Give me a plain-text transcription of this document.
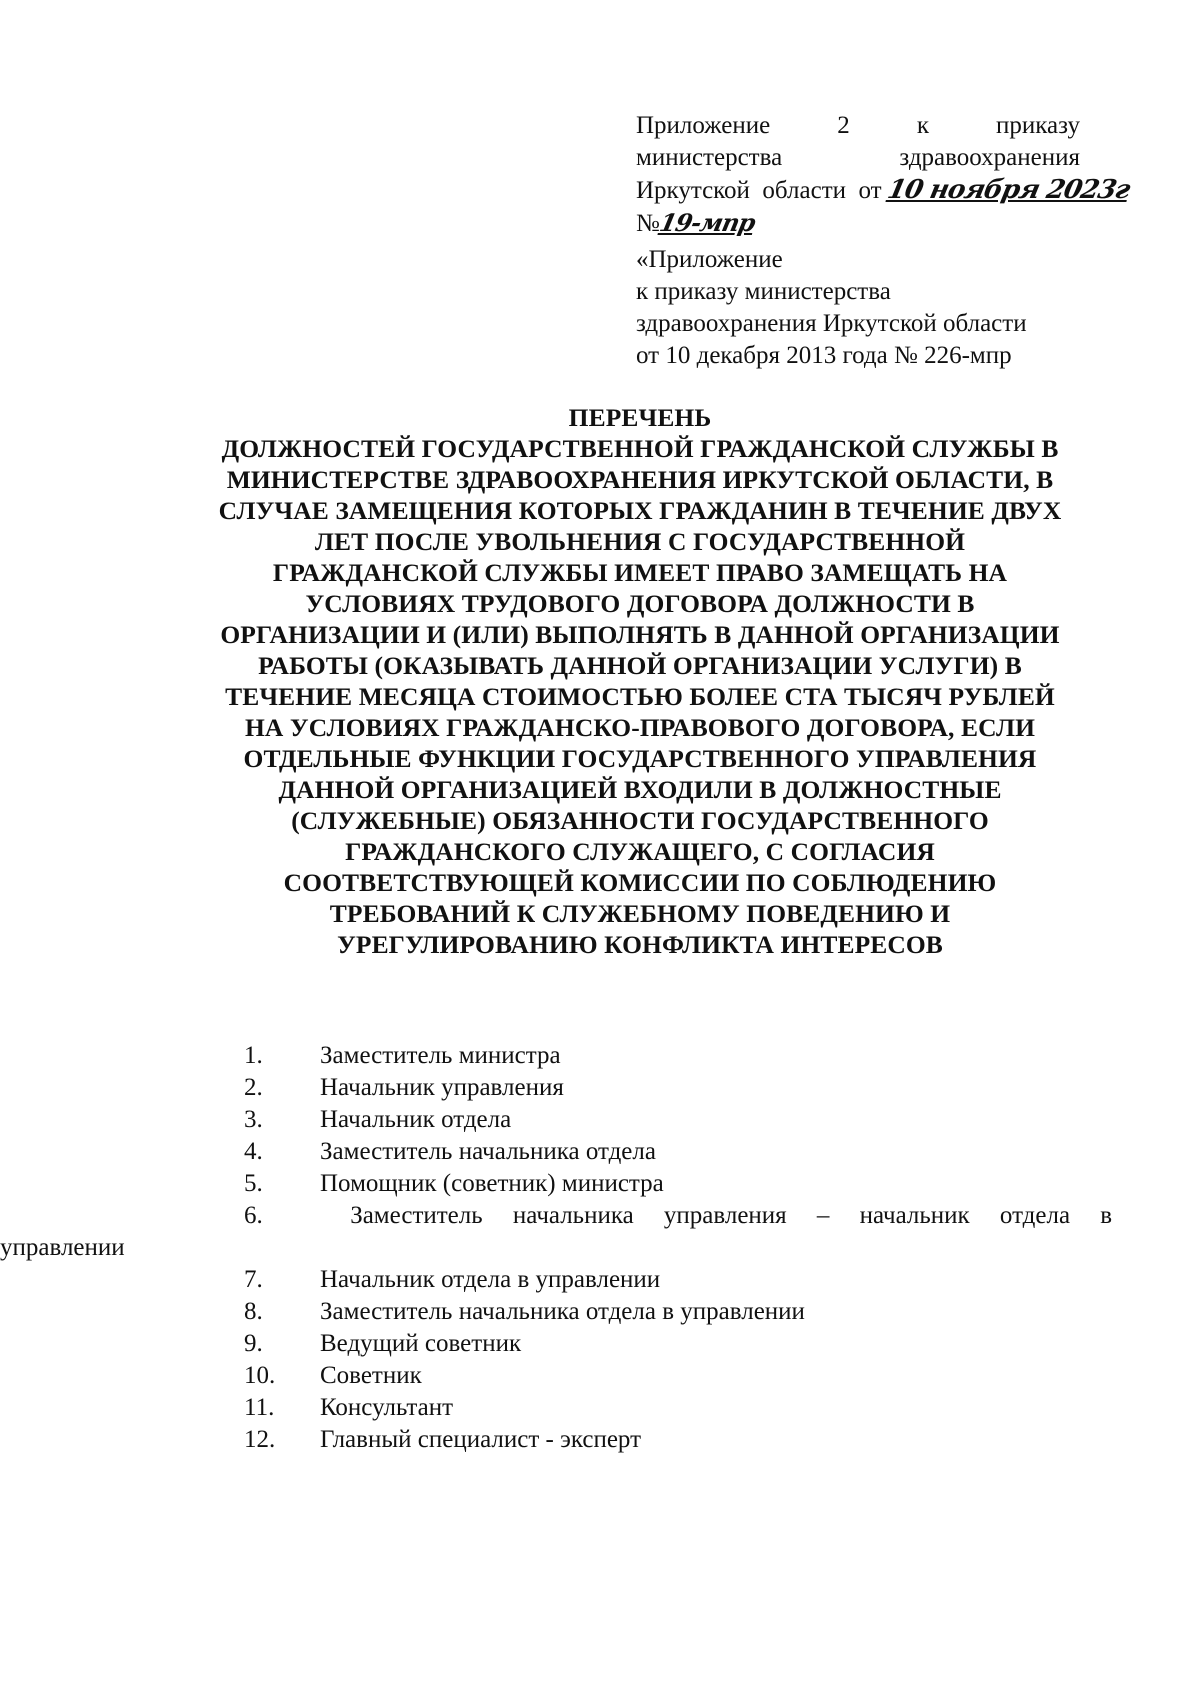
Приложение	2	к	приказу
министерства	здравоохранения
Иркутской  области  от 10 ноября 2023г
№19-мпр
«Приложение
к приказу министерства
здравоохранения Иркутской области
от 10 декабря 2013 года № 226-мпр
ПЕРЕЧЕНЬ
ДОЛЖНОСТЕЙ ГОСУДАРСТВЕННОЙ ГРАЖДАНСКОЙ СЛУЖБЫ В
МИНИСТЕРСТВЕ ЗДРАВООХРАНЕНИЯ ИРКУТСКОЙ ОБЛАСТИ, В
СЛУЧАЕ ЗАМЕЩЕНИЯ КОТОРЫХ ГРАЖДАНИН В ТЕЧЕНИЕ ДВУХ
ЛЕТ ПОСЛЕ УВОЛЬНЕНИЯ С ГОСУДАРСТВЕННОЙ
ГРАЖДАНСКОЙ СЛУЖБЫ ИМЕЕТ ПРАВО ЗАМЕЩАТЬ НА
УСЛОВИЯХ ТРУДОВОГО ДОГОВОРА ДОЛЖНОСТИ В
ОРГАНИЗАЦИИ И (ИЛИ) ВЫПОЛНЯТЬ В ДАННОЙ ОРГАНИЗАЦИИ
РАБОТЫ (ОКАЗЫВАТЬ ДАННОЙ ОРГАНИЗАЦИИ УСЛУГИ) В
ТЕЧЕНИЕ МЕСЯЦА СТОИМОСТЬЮ БОЛЕЕ СТА ТЫСЯЧ РУБЛЕЙ
НА УСЛОВИЯХ ГРАЖДАНСКО-ПРАВОВОГО ДОГОВОРА, ЕСЛИ
ОТДЕЛЬНЫЕ ФУНКЦИИ ГОСУДАРСТВЕННОГО УПРАВЛЕНИЯ
ДАННОЙ ОРГАНИЗАЦИЕЙ ВХОДИЛИ В ДОЛЖНОСТНЫЕ
(СЛУЖЕБНЫЕ) ОБЯЗАННОСТИ ГОСУДАРСТВЕННОГО
ГРАЖДАНСКОГО СЛУЖАЩЕГО, С СОГЛАСИЯ
СООТВЕТСТВУЮЩЕЙ КОМИССИИ ПО СОБЛЮДЕНИЮ
ТРЕБОВАНИЙ К СЛУЖЕБНОМУ ПОВЕДЕНИЮ И
УРЕГУЛИРОВАНИЮ КОНФЛИКТА ИНТЕРЕСОВ
1. Заместитель министра
2. Начальник управления
3. Начальник отдела
4. Заместитель начальника отдела
5. Помощник (советник) министра
6.	Заместитель начальника управления – начальник отдела в
управлении
7. Начальник отдела в управлении
8. Заместитель начальника отдела в управлении
9. Ведущий советник
10. Советник
11. Консультант
12. Главный специалист - эксперт
